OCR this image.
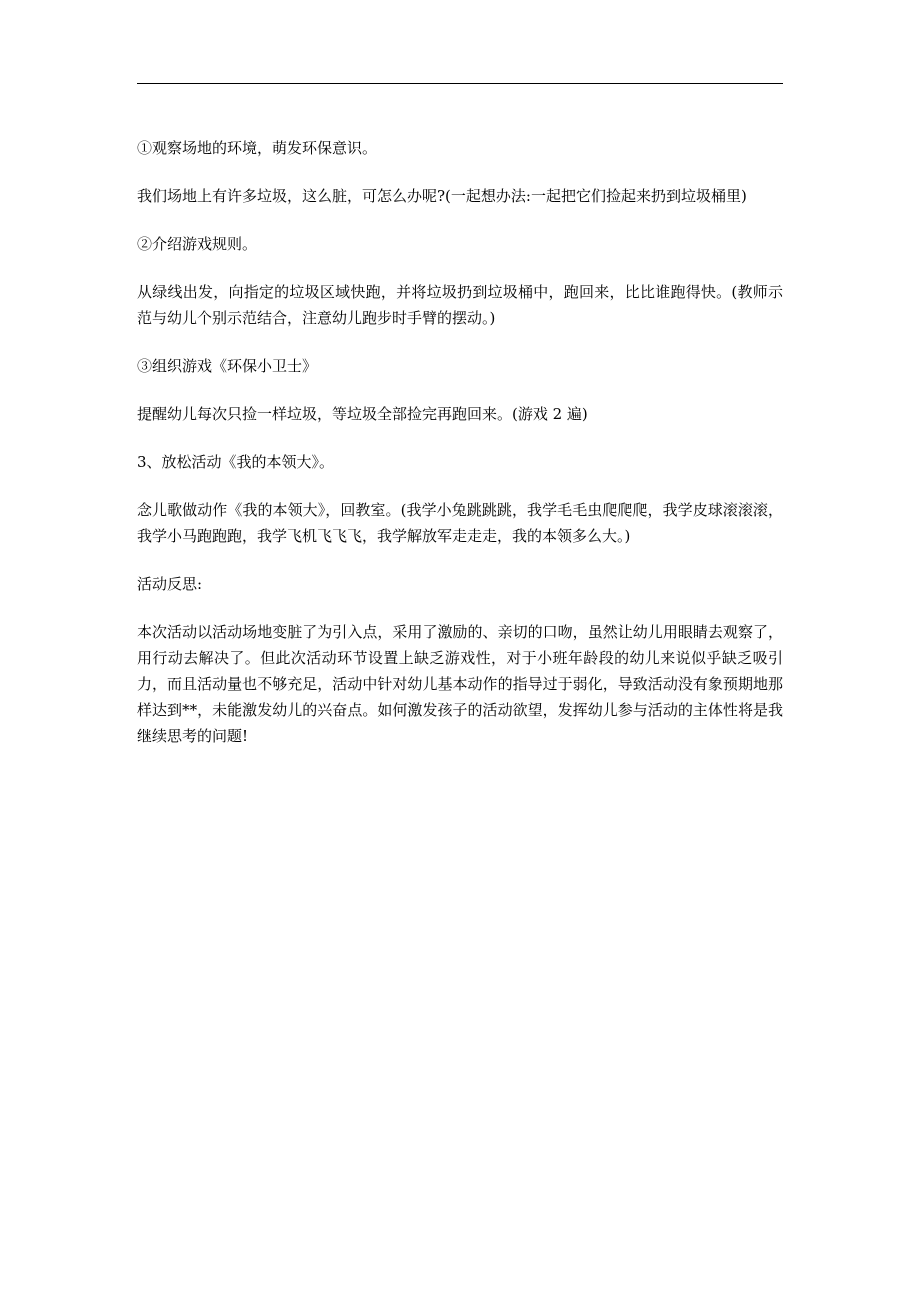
①观察场地的环境，萌发环保意识。

我们场地上有许多垃圾，这么脏，可怎么办呢?(一起想办法:一起把它们捡起来扔到垃圾桶里)

②介绍游戏规则。

从绿线出发，向指定的垃圾区域快跑，并将垃圾扔到垃圾桶中，跑回来，比比谁跑得快。(教师示范与幼儿个别示范结合，注意幼儿跑步时手臂的摆动。)

③组织游戏《环保小卫士》

提醒幼儿每次只捡一样垃圾，等垃圾全部捡完再跑回来。(游戏 2 遍)

3、放松活动《我的本领大》。

念儿歌做动作《我的本领大》，回教室。(我学小兔跳跳跳，我学毛毛虫爬爬爬，我学皮球滚滚滚，我学小马跑跑跑，我学飞机飞飞飞，我学解放军走走走，我的本领多么大。)

活动反思:

本次活动以活动场地变脏了为引入点，采用了激励的、亲切的口吻，虽然让幼儿用眼睛去观察了，用行动去解决了。但此次活动环节设置上缺乏游戏性，对于小班年龄段的幼儿来说似乎缺乏吸引力，而且活动量也不够充足，活动中针对幼儿基本动作的指导过于弱化，导致活动没有象预期地那样达到**，未能激发幼儿的兴奋点。如何激发孩子的活动欲望，发挥幼儿参与活动的主体性将是我继续思考的问题!
